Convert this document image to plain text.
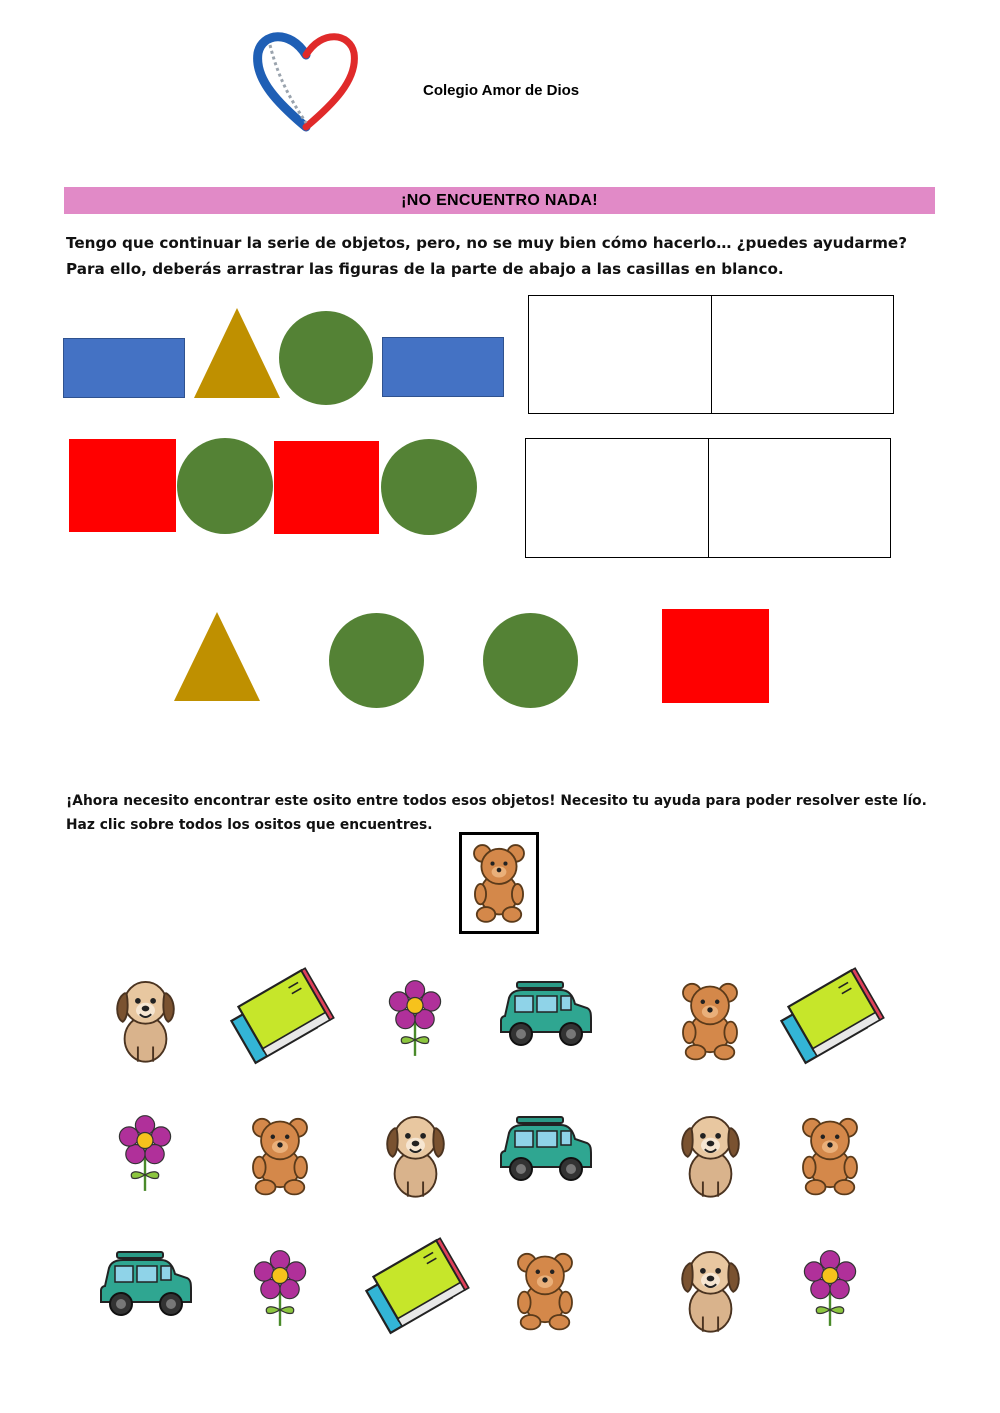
Colegio Amor de Dios
¡NO ENCUENTRO NADA!
Tengo que continuar la serie de objetos, pero, no se muy bien cómo hacerlo… ¿puedes ayudarme? Para ello, deberás arrastrar las figuras de la parte de abajo a las casillas en blanco.
¡Ahora necesito encontrar este osito entre todos esos objetos! Necesito tu ayuda para poder resolver este lío. Haz clic sobre todos los ositos que encuentres.
